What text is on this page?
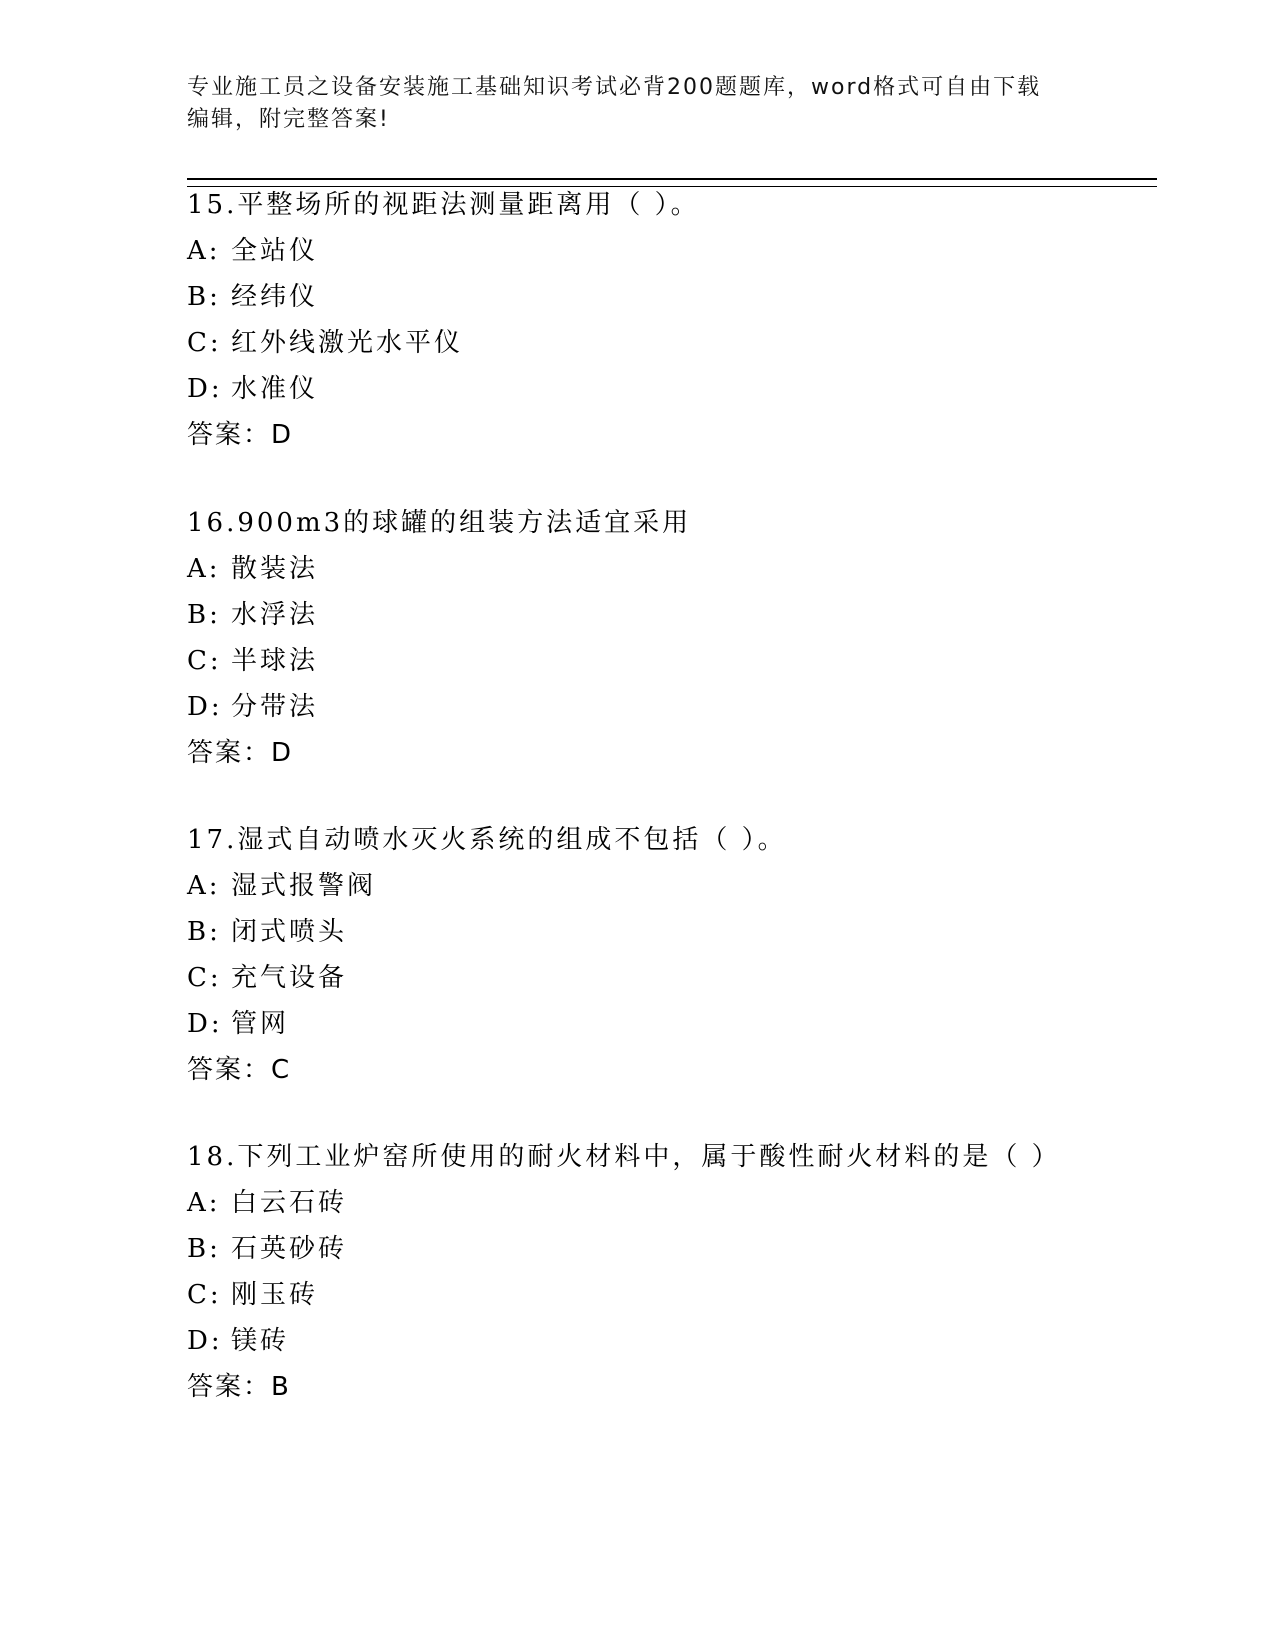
专业施工员之设备安装施工基础知识考试必背200题题库，word格式可自由下载
编辑，附完整答案!
15.平整场所的视距法测量距离用（ ）。
A: 全站仪
B: 经纬仪
C: 红外线激光水平仪
D: 水准仪
答案：D
16.900m3的球罐的组装方法适宜采用
A: 散装法
B: 水浮法
C: 半球法
D: 分带法
答案：D
17.湿式自动喷水灭火系统的组成不包括（ ）。
A: 湿式报警阀
B: 闭式喷头
C: 充气设备
D: 管网
答案：C
18.下列工业炉窑所使用的耐火材料中，属于酸性耐火材料的是（ ）
A: 白云石砖
B: 石英砂砖
C: 刚玉砖
D: 镁砖
答案：B
